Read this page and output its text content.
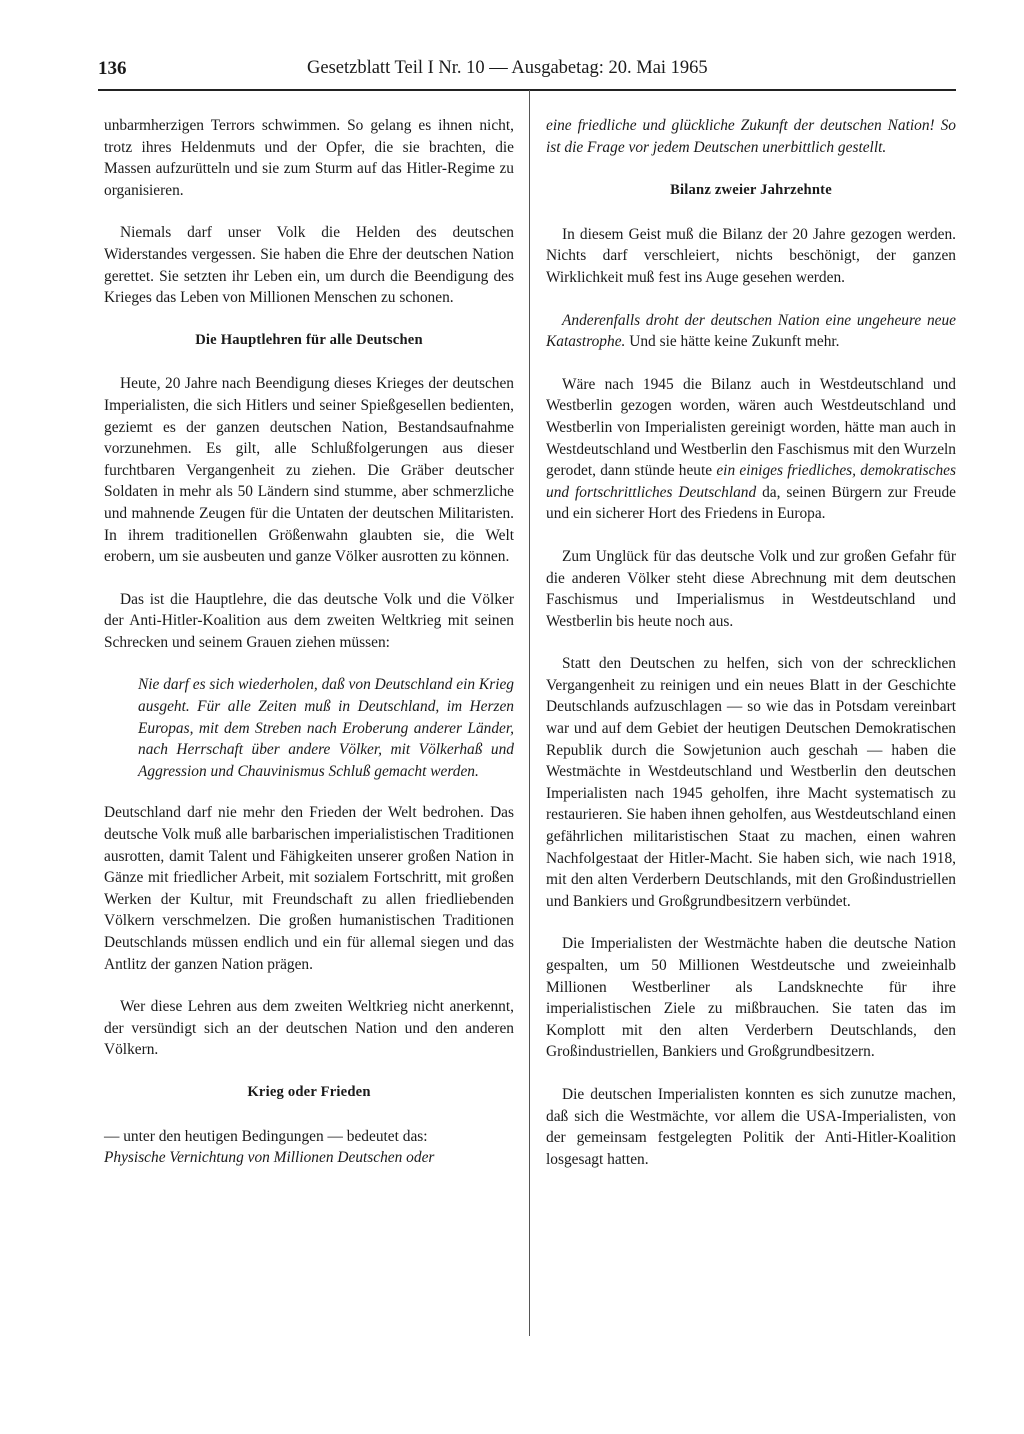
136	Gesetzblatt Teil I Nr. 10 — Ausgabetag: 20. Mai 1965

unbarmherzigen Terrors schwimmen. So gelang es ihnen nicht, trotz ihres Heldenmuts und der Opfer, die sie brachten, die Massen aufzurütteln und sie zum Sturm auf das Hitler-Regime zu organisieren.

Niemals darf unser Volk die Helden des deutschen Widerstandes vergessen. Sie haben die Ehre der deutschen Nation gerettet. Sie setzten ihr Leben ein, um durch die Beendigung des Krieges das Leben von Millionen Menschen zu schonen.

Die Hauptlehren für alle Deutschen

Heute, 20 Jahre nach Beendigung dieses Krieges der deutschen Imperialisten, die sich Hitlers und seiner Spießgesellen bedienten, geziemt es der ganzen deutschen Nation, Bestandsaufnahme vorzunehmen. Es gilt, alle Schlußfolgerungen aus dieser furchtbaren Vergangenheit zu ziehen. Die Gräber deutscher Soldaten in mehr als 50 Ländern sind stumme, aber schmerzliche und mahnende Zeugen für die Untaten der deutschen Militaristen. In ihrem traditionellen Größenwahn glaubten sie, die Welt erobern, um sie ausbeuten und ganze Völker ausrotten zu können.

Das ist die Hauptlehre, die das deutsche Volk und die Völker der Anti-Hitler-Koalition aus dem zweiten Weltkrieg mit seinen Schrecken und seinem Grauen ziehen müssen:

Nie darf es sich wiederholen, daß von Deutschland ein Krieg ausgeht. Für alle Zeiten muß in Deutschland, im Herzen Europas, mit dem Streben nach Eroberung anderer Länder, nach Herrschaft über andere Völker, mit Völkerhaß und Aggression und Chauvinismus Schluß gemacht werden.

Deutschland darf nie mehr den Frieden der Welt bedrohen. Das deutsche Volk muß alle barbarischen imperialistischen Traditionen ausrotten, damit Talent und Fähigkeiten unserer großen Nation in Gänze mit friedlicher Arbeit, mit sozialem Fortschritt, mit großen Werken der Kultur, mit Freundschaft zu allen friedliebenden Völkern verschmelzen. Die großen humanistischen Traditionen Deutschlands müssen endlich und ein für allemal siegen und das Antlitz der ganzen Nation prägen.

Wer diese Lehren aus dem zweiten Weltkrieg nicht anerkennt, der versündigt sich an der deutschen Nation und den anderen Völkern.

Krieg oder Frieden

— unter den heutigen Bedingungen — bedeutet das:

Physische Vernichtung von Millionen Deutschen oder

eine friedliche und glückliche Zukunft der deutschen Nation! So ist die Frage vor jedem Deutschen unerbittlich gestellt.

Bilanz zweier Jahrzehnte

In diesem Geist muß die Bilanz der 20 Jahre gezogen werden. Nichts darf verschleiert, nichts beschönigt, der ganzen Wirklichkeit muß fest ins Auge gesehen werden.

Anderenfalls droht der deutschen Nation eine ungeheure neue Katastrophe. Und sie hätte keine Zukunft mehr.

Wäre nach 1945 die Bilanz auch in Westdeutschland und Westberlin gezogen worden, wären auch Westdeutschland und Westberlin von Imperialisten gereinigt worden, hätte man auch in Westdeutschland und Westberlin den Faschismus mit den Wurzeln gerodet, dann stünde heute ein einiges friedliches, demokratisches und fortschrittliches Deutschland da, seinen Bürgern zur Freude und ein sicherer Hort des Friedens in Europa.

Zum Unglück für das deutsche Volk und zur großen Gefahr für die anderen Völker steht diese Abrechnung mit dem deutschen Faschismus und Imperialismus in Westdeutschland und Westberlin bis heute noch aus.

Statt den Deutschen zu helfen, sich von der schrecklichen Vergangenheit zu reinigen und ein neues Blatt in der Geschichte Deutschlands aufzuschlagen — so wie das in Potsdam vereinbart war und auf dem Gebiet der heutigen Deutschen Demokratischen Republik durch die Sowjetunion auch geschah — haben die Westmächte in Westdeutschland und Westberlin den deutschen Imperialisten nach 1945 geholfen, ihre Macht systematisch zu restaurieren. Sie haben ihnen geholfen, aus Westdeutschland einen gefährlichen militaristischen Staat zu machen, einen wahren Nachfolgestaat der Hitler-Macht. Sie haben sich, wie nach 1918, mit den alten Verderbern Deutschlands, mit den Großindustriellen und Bankiers und Großgrundbesitzern verbündet.

Die Imperialisten der Westmächte haben die deutsche Nation gespalten, um 50 Millionen Westdeutsche und zweieinhalb Millionen Westberliner als Landsknechte für ihre imperialistischen Ziele zu mißbrauchen. Sie taten das im Komplott mit den alten Verderbern Deutschlands, den Großindustriellen, Bankiers und Großgrundbesitzern.

Die deutschen Imperialisten konnten es sich zunutze machen, daß sich die Westmächte, vor allem die USA-Imperialisten, von der gemeinsam festgelegten Politik der Anti-Hitler-Koalition losgesagt hatten.
